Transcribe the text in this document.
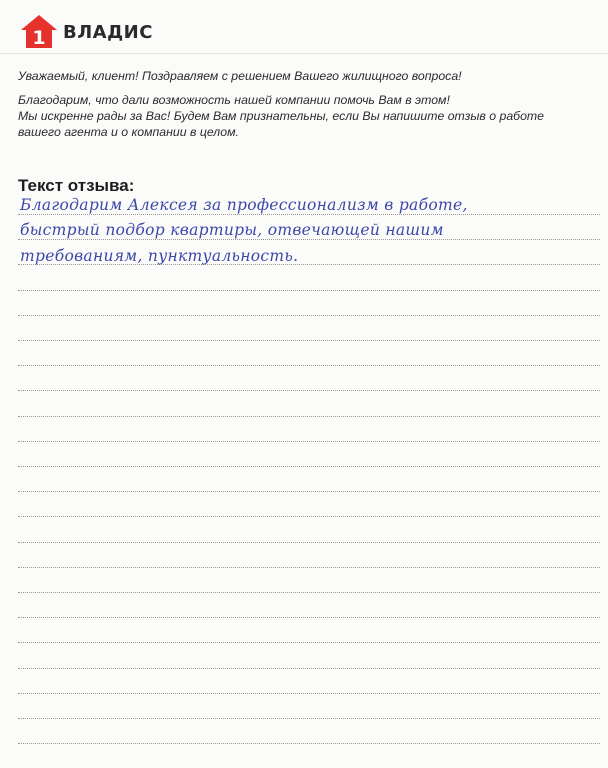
1 ВЛАДИС

Уважаемый, клиент! Поздравляем с решением Вашего жилищного вопроса!

Благодарим, что дали возможность нашей компании помочь Вам в этом!

Мы искренне рады за Вас! Будем Вам признательны, если Вы напишите отзыв о работе

вашего агента и о компании в целом.

Текст отзыва:
Благодарим Алексея за профессионализм в работе,
быстрый подбор квартиры, отвечающей нашим
требованиям, пунктуальность.
